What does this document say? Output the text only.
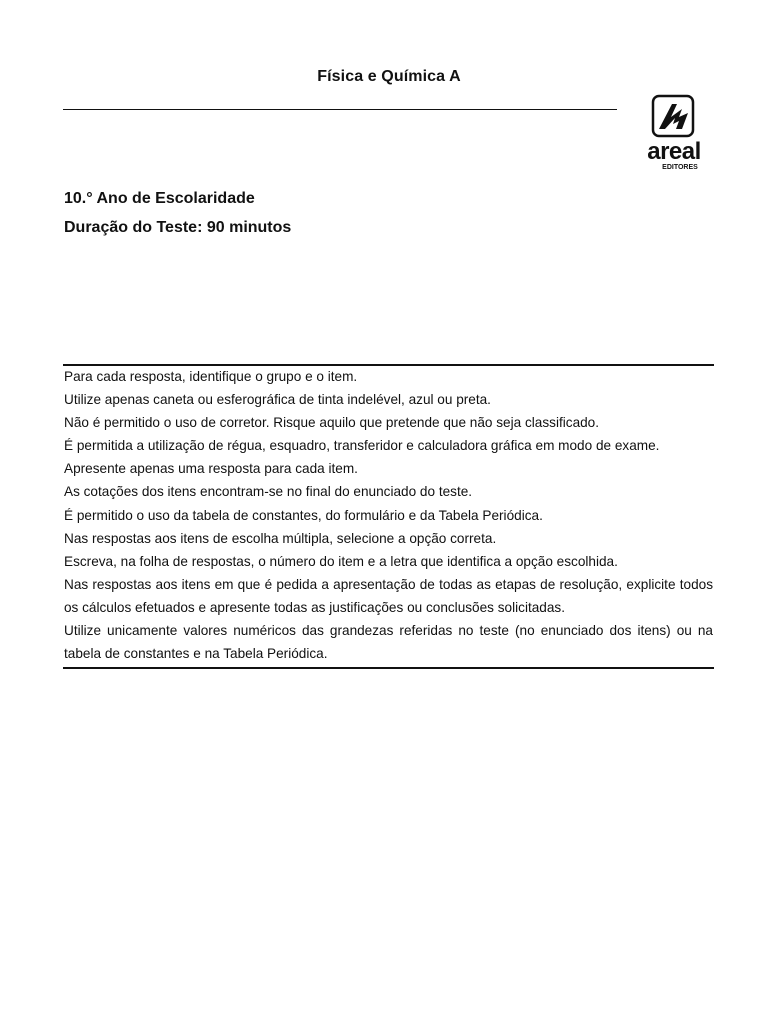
Física e Química A
areal
EDITORES
10.° Ano de Escolaridade
Duração do Teste: 90 minutos
Para cada resposta, identifique o grupo e o item.
Utilize apenas caneta ou esferográfica de tinta indelével, azul ou preta.
Não é permitido o uso de corretor. Risque aquilo que pretende que não seja classificado.
É permitida a utilização de régua, esquadro, transferidor e calculadora gráfica em modo de exame.
Apresente apenas uma resposta para cada item.
As cotações dos itens encontram-se no final do enunciado do teste.
É permitido o uso da tabela de constantes, do formulário e da Tabela Periódica.
Nas respostas aos itens de escolha múltipla, selecione a opção correta.
Escreva, na folha de respostas, o número do item e a letra que identifica a opção escolhida.
Nas respostas aos itens em que é pedida a apresentação de todas as etapas de resolução, explicite todos os cálculos efetuados e apresente todas as justificações ou conclusões solicitadas.
Utilize unicamente valores numéricos das grandezas referidas no teste (no enunciado dos itens) ou na tabela de constantes e na Tabela Periódica.
